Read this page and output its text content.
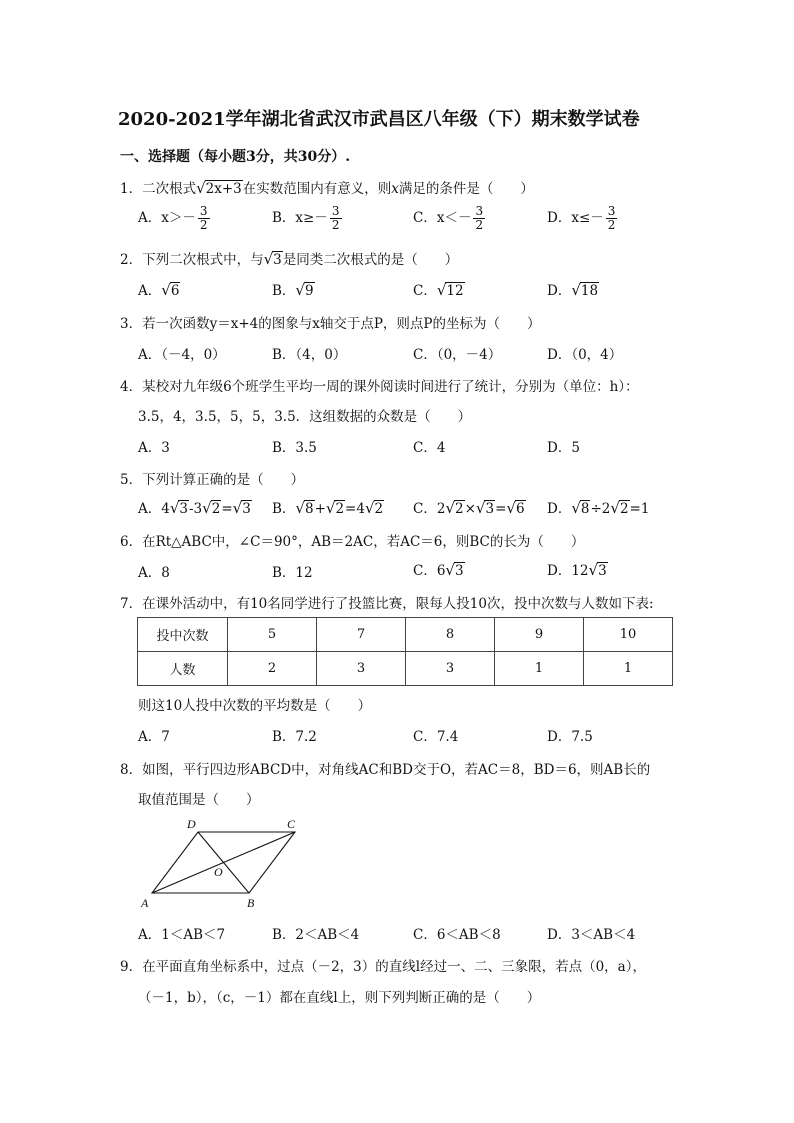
2020-2021学年湖北省武汉市武昌区八年级（下）期末数学试卷
一、选择题（每小题3分，共30分）.
1．二次根式√2x+3在实数范围内有意义，则x满足的条件是（　　）
A．$x>- \frac{3}{2}$	B．$x\ge- \frac{3}{2}$	C．$x<- \frac{3}{2}$	D．$x\le- \frac{3}{2}$
2．下列二次根式中，与√3是同类二次根式的是（　　）
A．√6	B．√9	C．√12	D．√18
3．若一次函数y＝x+4的图象与x轴交于点P，则点P的坐标为（　　）
A．（－4，0）	B．（4，0）	C．（0，－4）	D．（0，4）
4．某校对九年级6个班学生平均一周的课外阅读时间进行了统计，分别为（单位：h）：
3.5，4，3.5，5，5，3.5．这组数据的众数是（　　）
A．3	B．3.5	C．4	D．5
5．下列计算正确的是（　　）
A．4√3-3√2=√3 B．√8+√2=4√2 C．2√2×√3=√6 D．√8÷2√2=1
6．在Rt△ABC中，∠C＝90°，AB＝2AC，若AC＝6，则BC的长为（　　）
A．8	B．12	C．6√3	D．12√3
7．在课外活动中，有10名同学进行了投篮比赛，限每人投10次，投中次数与人数如下表:
投中次数	5	7	8	9	10
人数	2	3	3	1	1
则这10人投中次数的平均数是（　　）
A．7	B．7.2	C．7.4	D．7.5
8．如图，平行四边形ABCD中，对角线AC和BD交于O，若AC＝8，BD＝6，则AB长的
取值范围是（　　）
A	B
C
D
O
A．1＜AB＜7	B．2＜AB＜4	C．6＜AB＜8	D．3＜AB＜4
9．在平面直角坐标系中，过点（－2，3）的直线l经过一、二、三象限，若点（0，a），
（－1，b），（c，－1）都在直线l上，则下列判断正确的是（　　）
